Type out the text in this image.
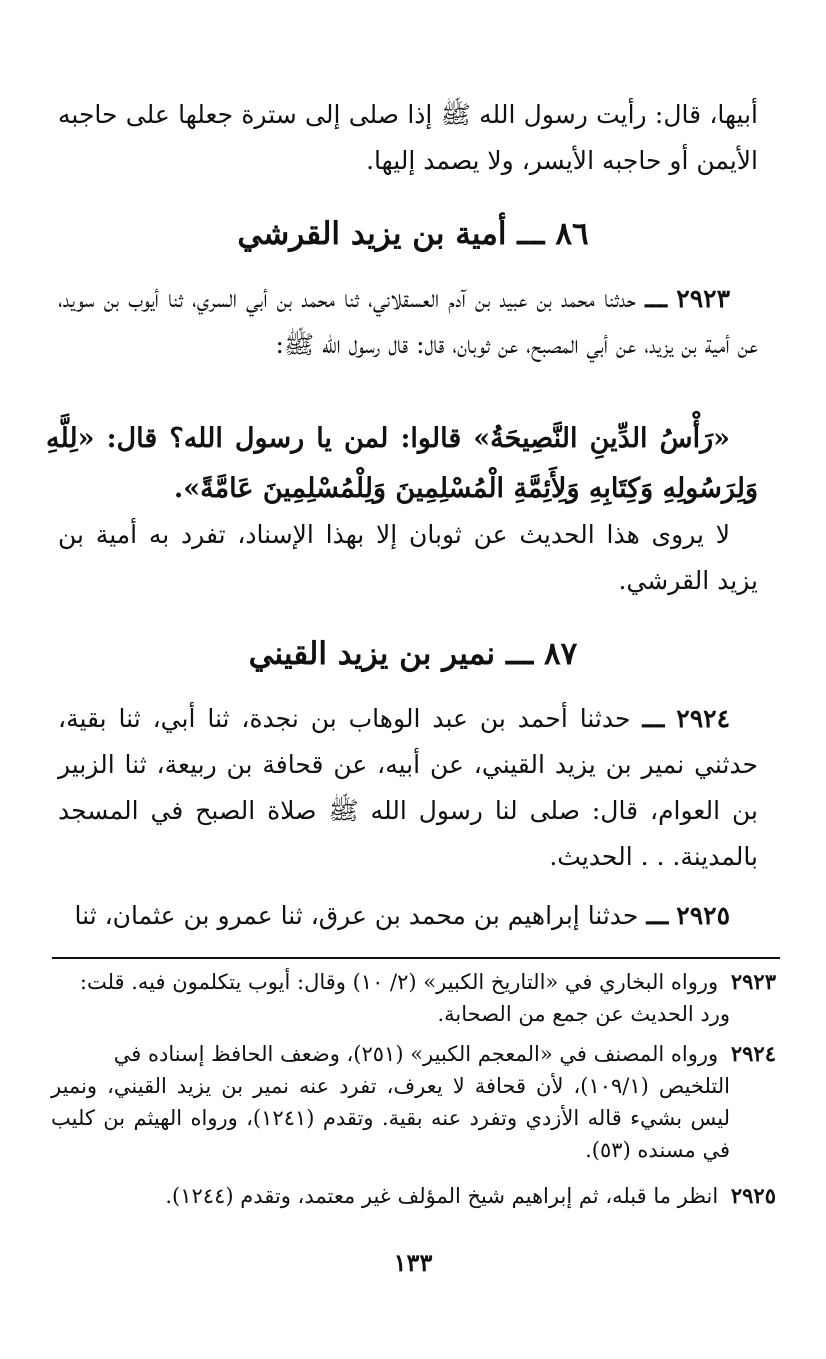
أبيها، قال: رأيت رسول الله ﷺ إذا صلى إلى سترة جعلها على حاجبه الأيمن أو حاجبه الأيسر، ولا يصمد إليها.

٨٦ ـــ أمية بن يزيد القرشي

٢٩٢٣ ـــ حدثنا محمد بن عبيد بن آدم العسقلاني، ثنا محمد بن أبي السري، ثنا أيوب بن سويد، عن أمية بن يزيد، عن أبي المصبح، عن ثوبان، قال: قال رسول الله ﷺ:

«رَأْسُ الدِّينِ النَّصِيحَةُ» قالوا: لمن يا رسول الله؟ قال: «لِلَّهِ وَلِرَسُولِهِ وَكِتَابِهِ وَلِأَئِمَّةِ الْمُسْلِمِينَ وَلِلْمُسْلِمِينَ عَامَّةً».

لا يروى هذا الحديث عن ثوبان إلا بهذا الإسناد، تفرد به أمية بن يزيد القرشي.

٨٧ ـــ نمير بن يزيد القيني

٢٩٢٤ ـــ حدثنا أحمد بن عبد الوهاب بن نجدة، ثنا أبي، ثنا بقية، حدثني نمير بن يزيد القيني، عن أبيه، عن قحافة بن ربيعة، ثنا الزبير بن العوام، قال: صلى لنا رسول الله ﷺ صلاة الصبح في المسجد بالمدينة. . . الحديث.

٢٩٢٥ ـــ حدثنا إبراهيم بن محمد بن عرق، ثنا عمرو بن عثمان، ثنا

٢٩٢٣ ورواه البخاري في «التاريخ الكبير» (٢/ ١٠) وقال: أيوب يتكلمون فيه. قلت:
ورد الحديث عن جمع من الصحابة.

٢٩٢٤ ورواه المصنف في «المعجم الكبير» (٢٥١)، وضعف الحافظ إسناده في
التلخيص (١٠٩/١)، لأن قحافة لا يعرف، تفرد عنه نمير بن يزيد القيني، ونمير ليس بشيء قاله الأزدي وتفرد عنه بقية. وتقدم (١٢٤١)، ورواه الهيثم بن كليب في مسنده (٥٣).

٢٩٢٥ انظر ما قبله، ثم إبراهيم شيخ المؤلف غير معتمد، وتقدم (١٢٤٤).

١٣٣
